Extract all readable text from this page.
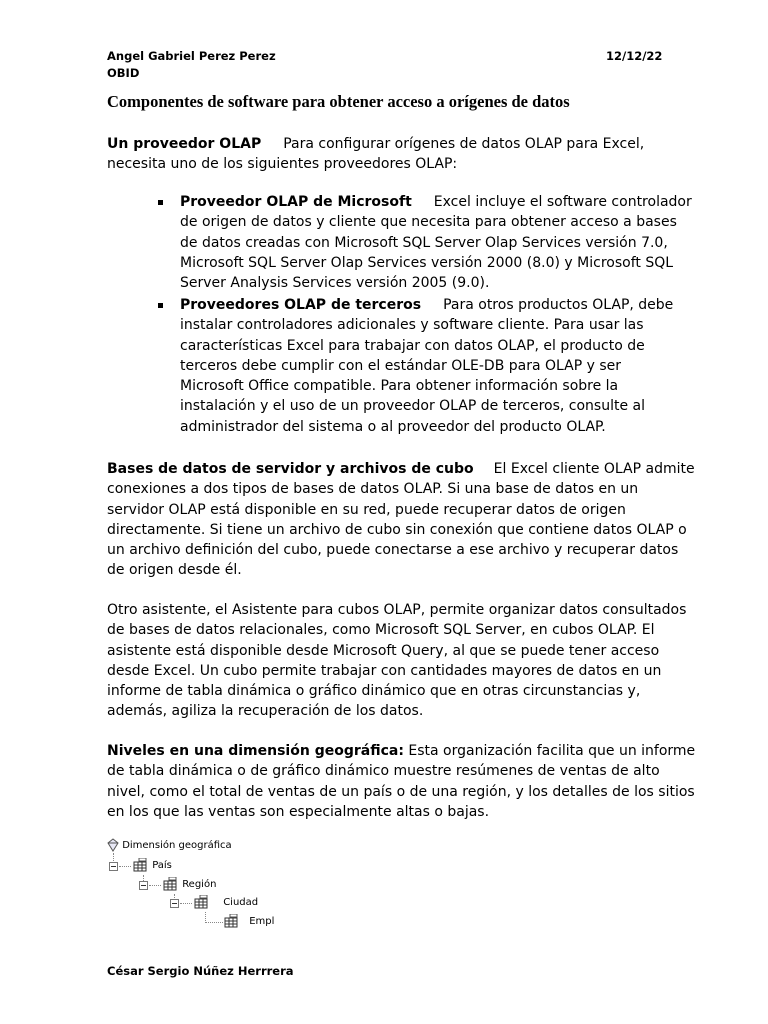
Angel Gabriel Perez Perez
OBID
12/12/22
Componentes de software para obtener acceso a orígenes de datos
Un proveedor OLAP Para configurar orígenes de datos OLAP para Excel,
necesita uno de los siguientes proveedores OLAP:
Proveedor OLAP de Microsoft Excel incluye el software controlador
de origen de datos y cliente que necesita para obtener acceso a bases
de datos creadas con Microsoft SQL Server Olap Services versión 7.0,
Microsoft SQL Server Olap Services versión 2000 (8.0) y Microsoft SQL
Server Analysis Services versión 2005 (9.0).
Proveedores OLAP de terceros Para otros productos OLAP, debe
instalar controladores adicionales y software cliente. Para usar las
características Excel para trabajar con datos OLAP, el producto de
terceros debe cumplir con el estándar OLE-DB para OLAP y ser
Microsoft Office compatible. Para obtener información sobre la
instalación y el uso de un proveedor OLAP de terceros, consulte al
administrador del sistema o al proveedor del producto OLAP.
Bases de datos de servidor y archivos de cubo El Excel cliente OLAP admite
conexiones a dos tipos de bases de datos OLAP. Si una base de datos en un
servidor OLAP está disponible en su red, puede recuperar datos de origen
directamente. Si tiene un archivo de cubo sin conexión que contiene datos OLAP o
un archivo definición del cubo, puede conectarse a ese archivo y recuperar datos
de origen desde él.
Otro asistente, el Asistente para cubos OLAP, permite organizar datos consultados
de bases de datos relacionales, como Microsoft SQL Server, en cubos OLAP. El
asistente está disponible desde Microsoft Query, al que se puede tener acceso
desde Excel. Un cubo permite trabajar con cantidades mayores de datos en un
informe de tabla dinámica o gráfico dinámico que en otras circunstancias y,
además, agiliza la recuperación de los datos.
Niveles en una dimensión geográfica: Esta organización facilita que un informe
de tabla dinámica o de gráfico dinámico muestre resúmenes de ventas de alto
nivel, como el total de ventas de un país o de una región, y los detalles de los sitios
en los que las ventas son especialmente altas o bajas.
Dimensión geográfica
País
Región
Ciudad
Empl
César Sergio Núñez Herrrera
